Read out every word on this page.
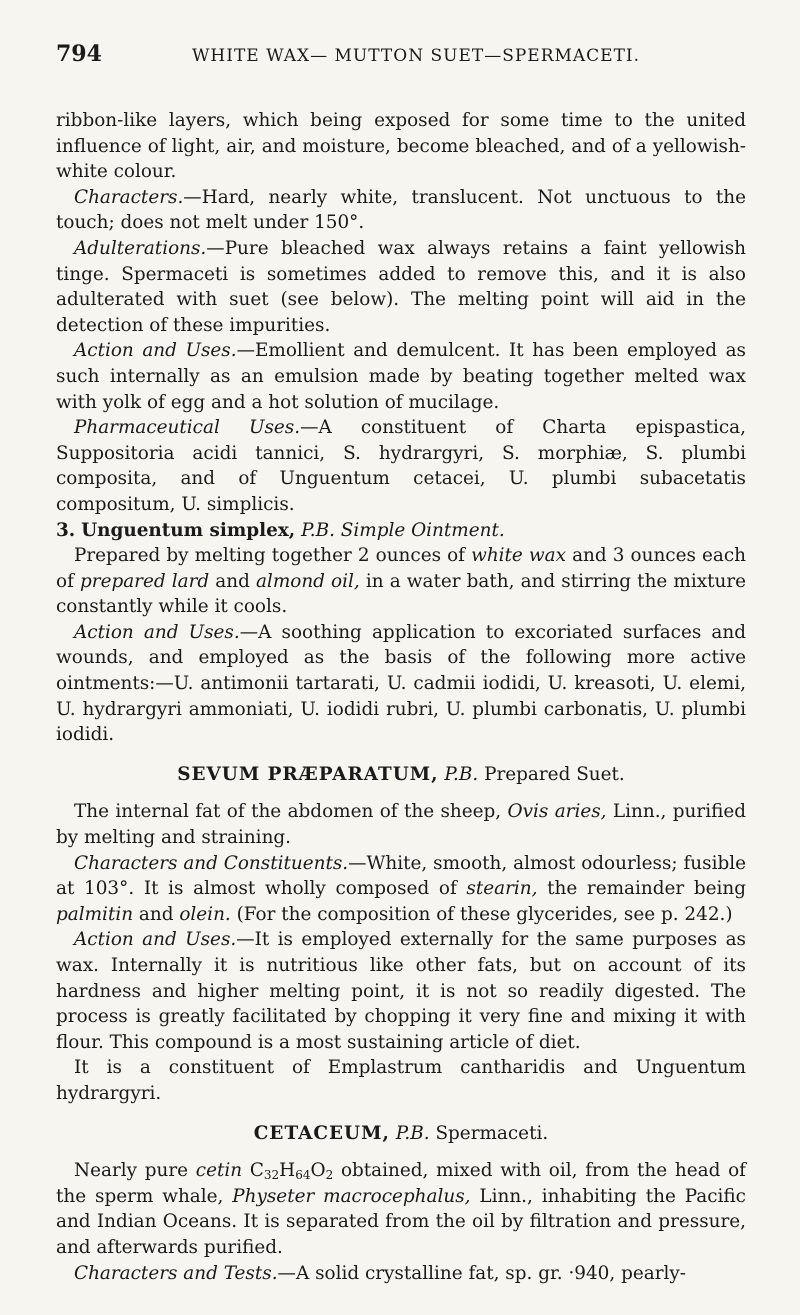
794	WHITE WAX— MUTTON SUET—SPERMACETI.

ribbon-like layers, which being exposed for some time to the united influence of light, air, and moisture, become bleached, and of a yellowish-white colour.

Characters.—Hard, nearly white, translucent. Not unctuous to the touch; does not melt under 150°.

Adulterations.—Pure bleached wax always retains a faint yellowish tinge. Spermaceti is sometimes added to remove this, and it is also adulterated with suet (see below). The melting point will aid in the detection of these impurities.

Action and Uses.—Emollient and demulcent. It has been employed as such internally as an emulsion made by beating together melted wax with yolk of egg and a hot solution of mucilage.

Pharmaceutical Uses.—A constituent of Charta epispastica, Suppositoria acidi tannici, S. hydrargyri, S. morphiæ, S. plumbi composita, and of Unguentum cetacei, U. plumbi subacetatis compositum, U. simplicis.

3. Unguentum simplex, P.B. Simple Ointment.

Prepared by melting together 2 ounces of white wax and 3 ounces each of prepared lard and almond oil, in a water bath, and stirring the mixture constantly while it cools.

Action and Uses.—A soothing application to excoriated surfaces and wounds, and employed as the basis of the following more active ointments:—U. antimonii tartarati, U. cadmii iodidi, U. kreasoti, U. elemi, U. hydrargyri ammoniati, U. iodidi rubri, U. plumbi carbonatis, U. plumbi iodidi.

SEVUM PRÆPARATUM, P.B. Prepared Suet.

The internal fat of the abdomen of the sheep, Ovis aries, Linn., purified by melting and straining.

Characters and Constituents.—White, smooth, almost odourless; fusible at 103°. It is almost wholly composed of stearin, the remainder being palmitin and olein. (For the composition of these glycerides, see p. 242.)

Action and Uses.—It is employed externally for the same purposes as wax. Internally it is nutritious like other fats, but on account of its hardness and higher melting point, it is not so readily digested. The process is greatly facilitated by chopping it very fine and mixing it with flour. This compound is a most sustaining article of diet.

It is a constituent of Emplastrum cantharidis and Unguentum hydrargyri.

CETACEUM, P.B. Spermaceti.

Nearly pure cetin $C_{32}H_{64}O_2$ obtained, mixed with oil, from the head of the sperm whale, Physeter macrocephalus, Linn., inhabiting the Pacific and Indian Oceans. It is separated from the oil by filtration and pressure, and afterwards purified.

Characters and Tests.—A solid crystalline fat, sp. gr. ·940, pearly-
